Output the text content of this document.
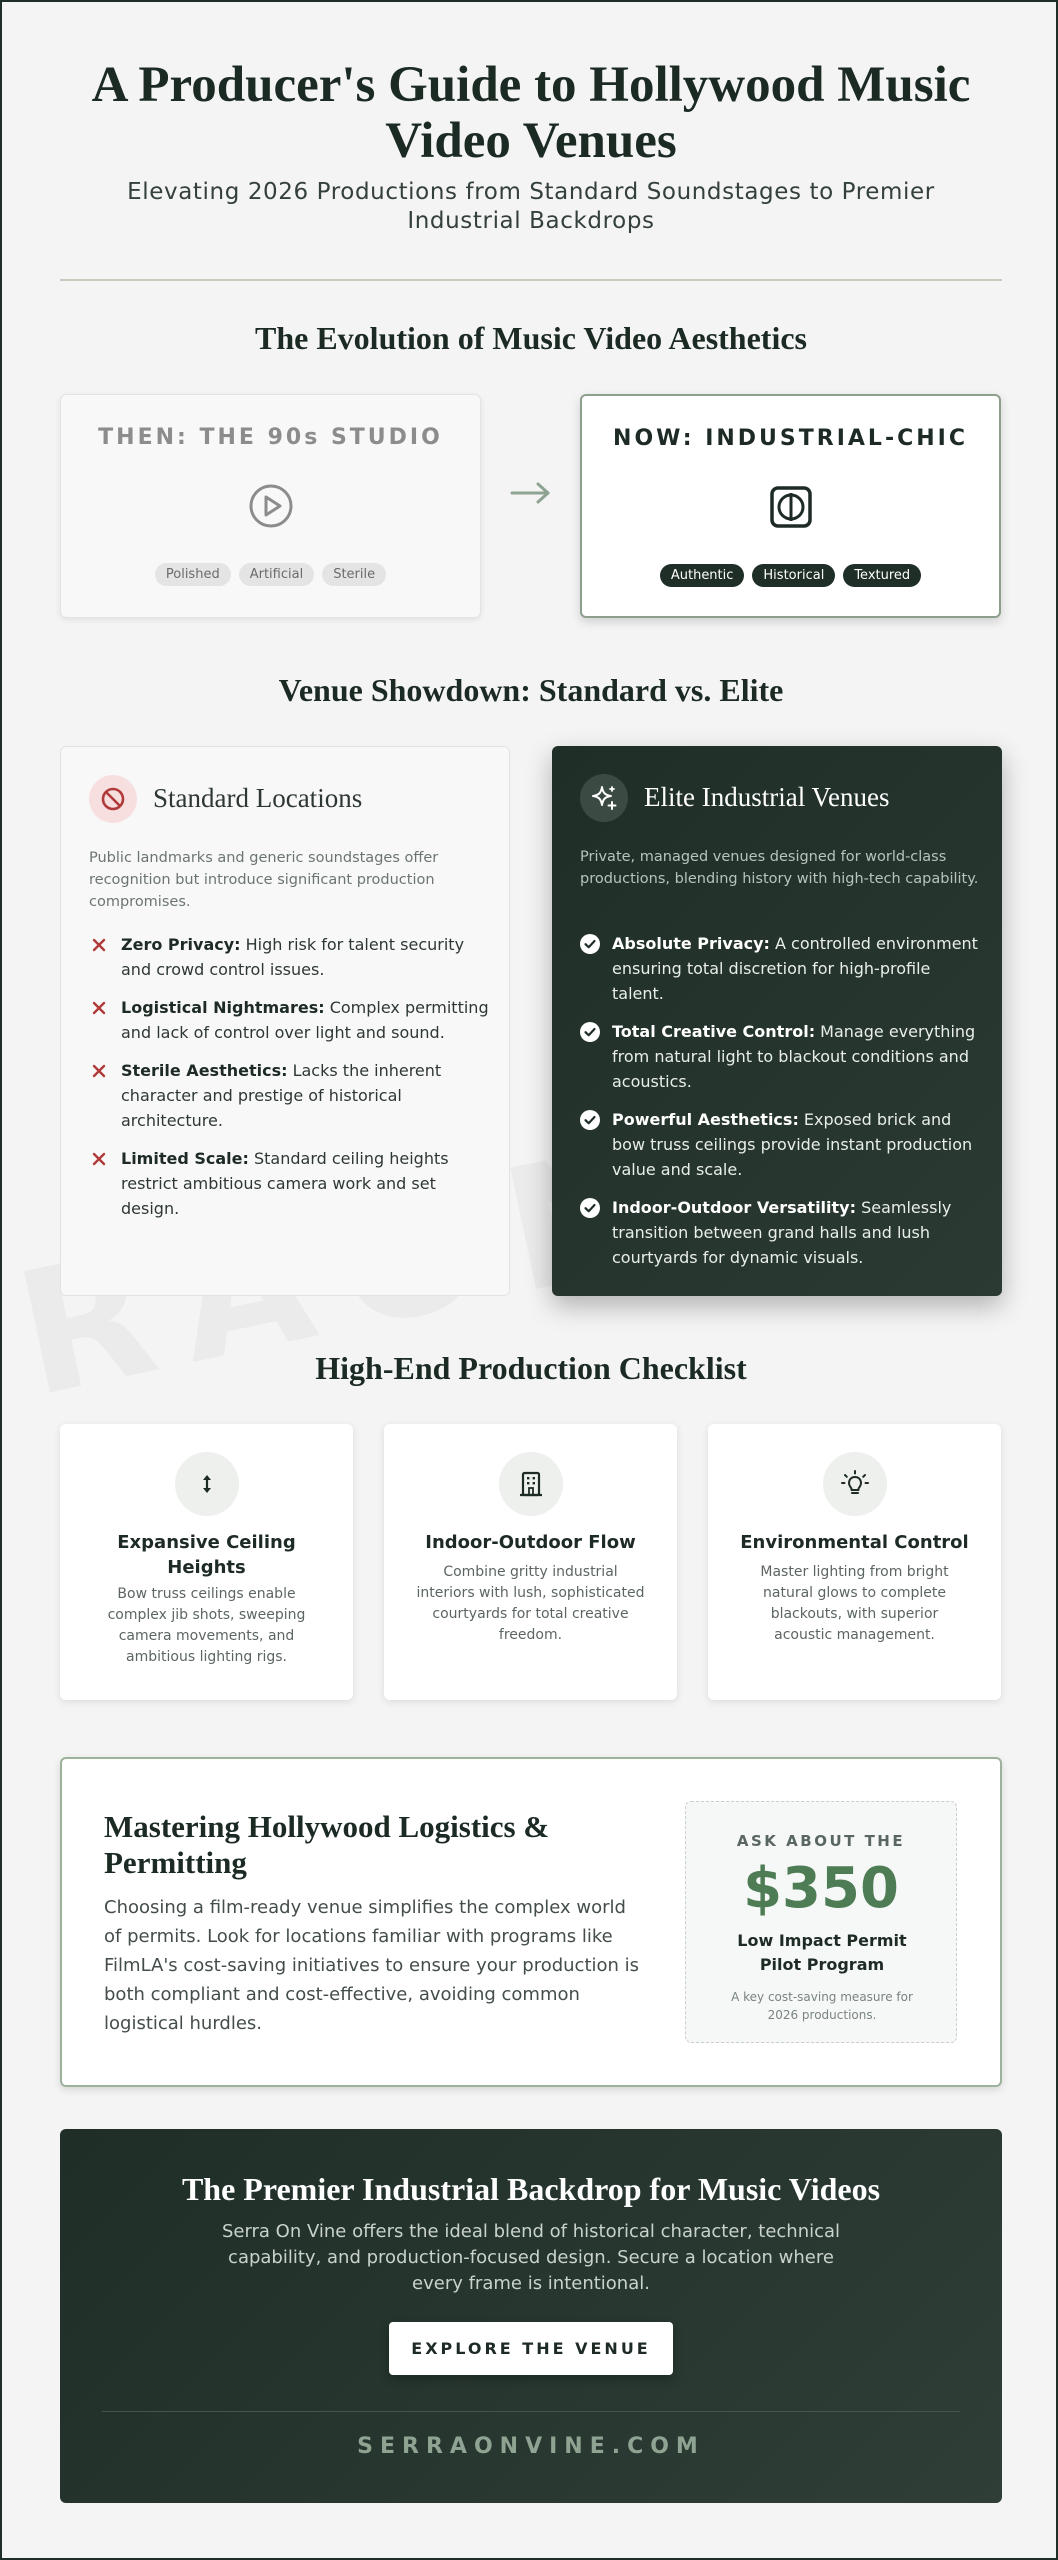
A Producer's Guide to Hollywood Music Video Venues

Elevating 2026 Productions from Standard Soundstages to Premier Industrial Backdrops

The Evolution of Music Video Aesthetics
THEN: THE 90s STUDIO
Polished	Artificial	Sterile
NOW: INDUSTRIAL-CHIC
Authentic	Historical	Textured
Venue Showdown: Standard vs. Elite
Standard Locations

Public landmarks and generic soundstages offer recognition but introduce significant production compromises.

Zero Privacy: High risk for talent security and crowd control issues.
Logistical Nightmares: Complex permitting and lack of control over light and sound.
Sterile Aesthetics: Lacks the inherent character and prestige of historical architecture.
Limited Scale: Standard ceiling heights restrict ambitious camera work and set design.
Elite Industrial Venues

Private, managed venues designed for world-class productions, blending history with high-tech capability.

Absolute Privacy: A controlled environment ensuring total discretion for high-profile talent.
Total Creative Control: Manage everything from natural light to blackout conditions and acoustics.
Powerful Aesthetics: Exposed brick and bow truss ceilings provide instant production value and scale.
Indoor-Outdoor Versatility: Seamlessly transition between grand halls and lush courtyards for dynamic visuals.
High-End Production Checklist
Expansive Ceiling Heights

Bow truss ceilings enable complex jib shots, sweeping camera movements, and ambitious lighting rigs.

Indoor-Outdoor Flow

Combine gritty industrial interiors with lush, sophisticated courtyards for total creative freedom.

Environmental Control

Master lighting from bright natural glows to complete blackouts, with superior acoustic management.

Mastering Hollywood Logistics & Permitting

Choosing a film-ready venue simplifies the complex world of permits. Look for locations familiar with programs like FilmLA's cost-saving initiatives to ensure your production is both compliant and cost-effective, avoiding common logistical hurdles.

ASK ABOUT THE
$350
Low Impact Permit Pilot Program
A key cost-saving measure for 2026 productions.
The Premier Industrial Backdrop for Music Videos

Serra On Vine offers the ideal blend of historical character, technical capability, and production-focused design. Secure a location where every frame is intentional.

EXPLORE THE VENUE
SERRAONVINE.COM
